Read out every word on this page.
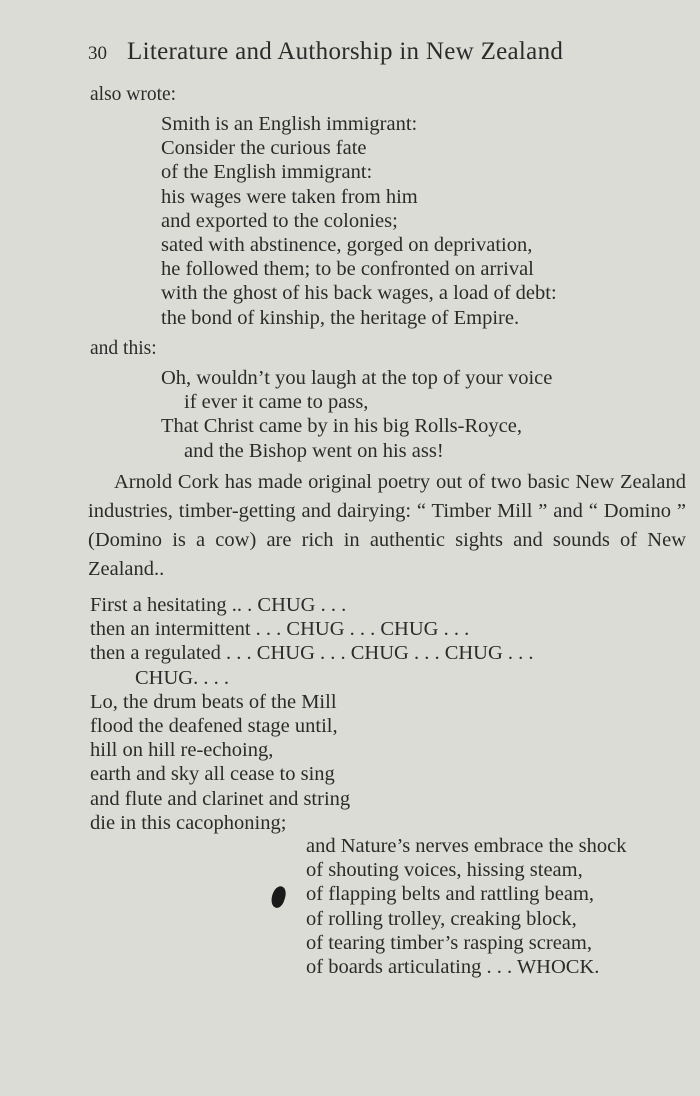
30 Literature and Authorship in New Zealand
also wrote:
Smith is an English immigrant:
Consider the curious fate
of the English immigrant:
his wages were taken from him
and exported to the colonies;
sated with abstinence, gorged on deprivation,
he followed them; to be confronted on arrival
with the ghost of his back wages, a load of debt:
the bond of kinship, the heritage of Empire.
and this:
Oh, wouldn’t you laugh at the top of your voice
if ever it came to pass,
That Christ came by in his big Rolls-Royce,
and the Bishop went on his ass!

Arnold Cork has made original poetry out of two basic New Zealand industries, timber-getting and dairying: “ Timber Mill ” and “ Domino ” (Domino is a cow) are rich in authentic sights and sounds of New Zealand..

First a hesitating .. . CHUG . . .
then an intermittent . . . CHUG . . . CHUG . . .
then a regulated . . . CHUG . . . CHUG . . . CHUG . . .
CHUG. . . .
Lo, the drum beats of the Mill
flood the deafened stage until,
hill on hill re-echoing,
earth and sky all cease to sing
and flute and clarinet and string
die in this cacophoning;
and Nature’s nerves embrace the shock
of shouting voices, hissing steam,
of flapping belts and rattling beam,
of rolling trolley, creaking block,
of tearing timber’s rasping scream,
of boards articulating . . . WHOCK.
